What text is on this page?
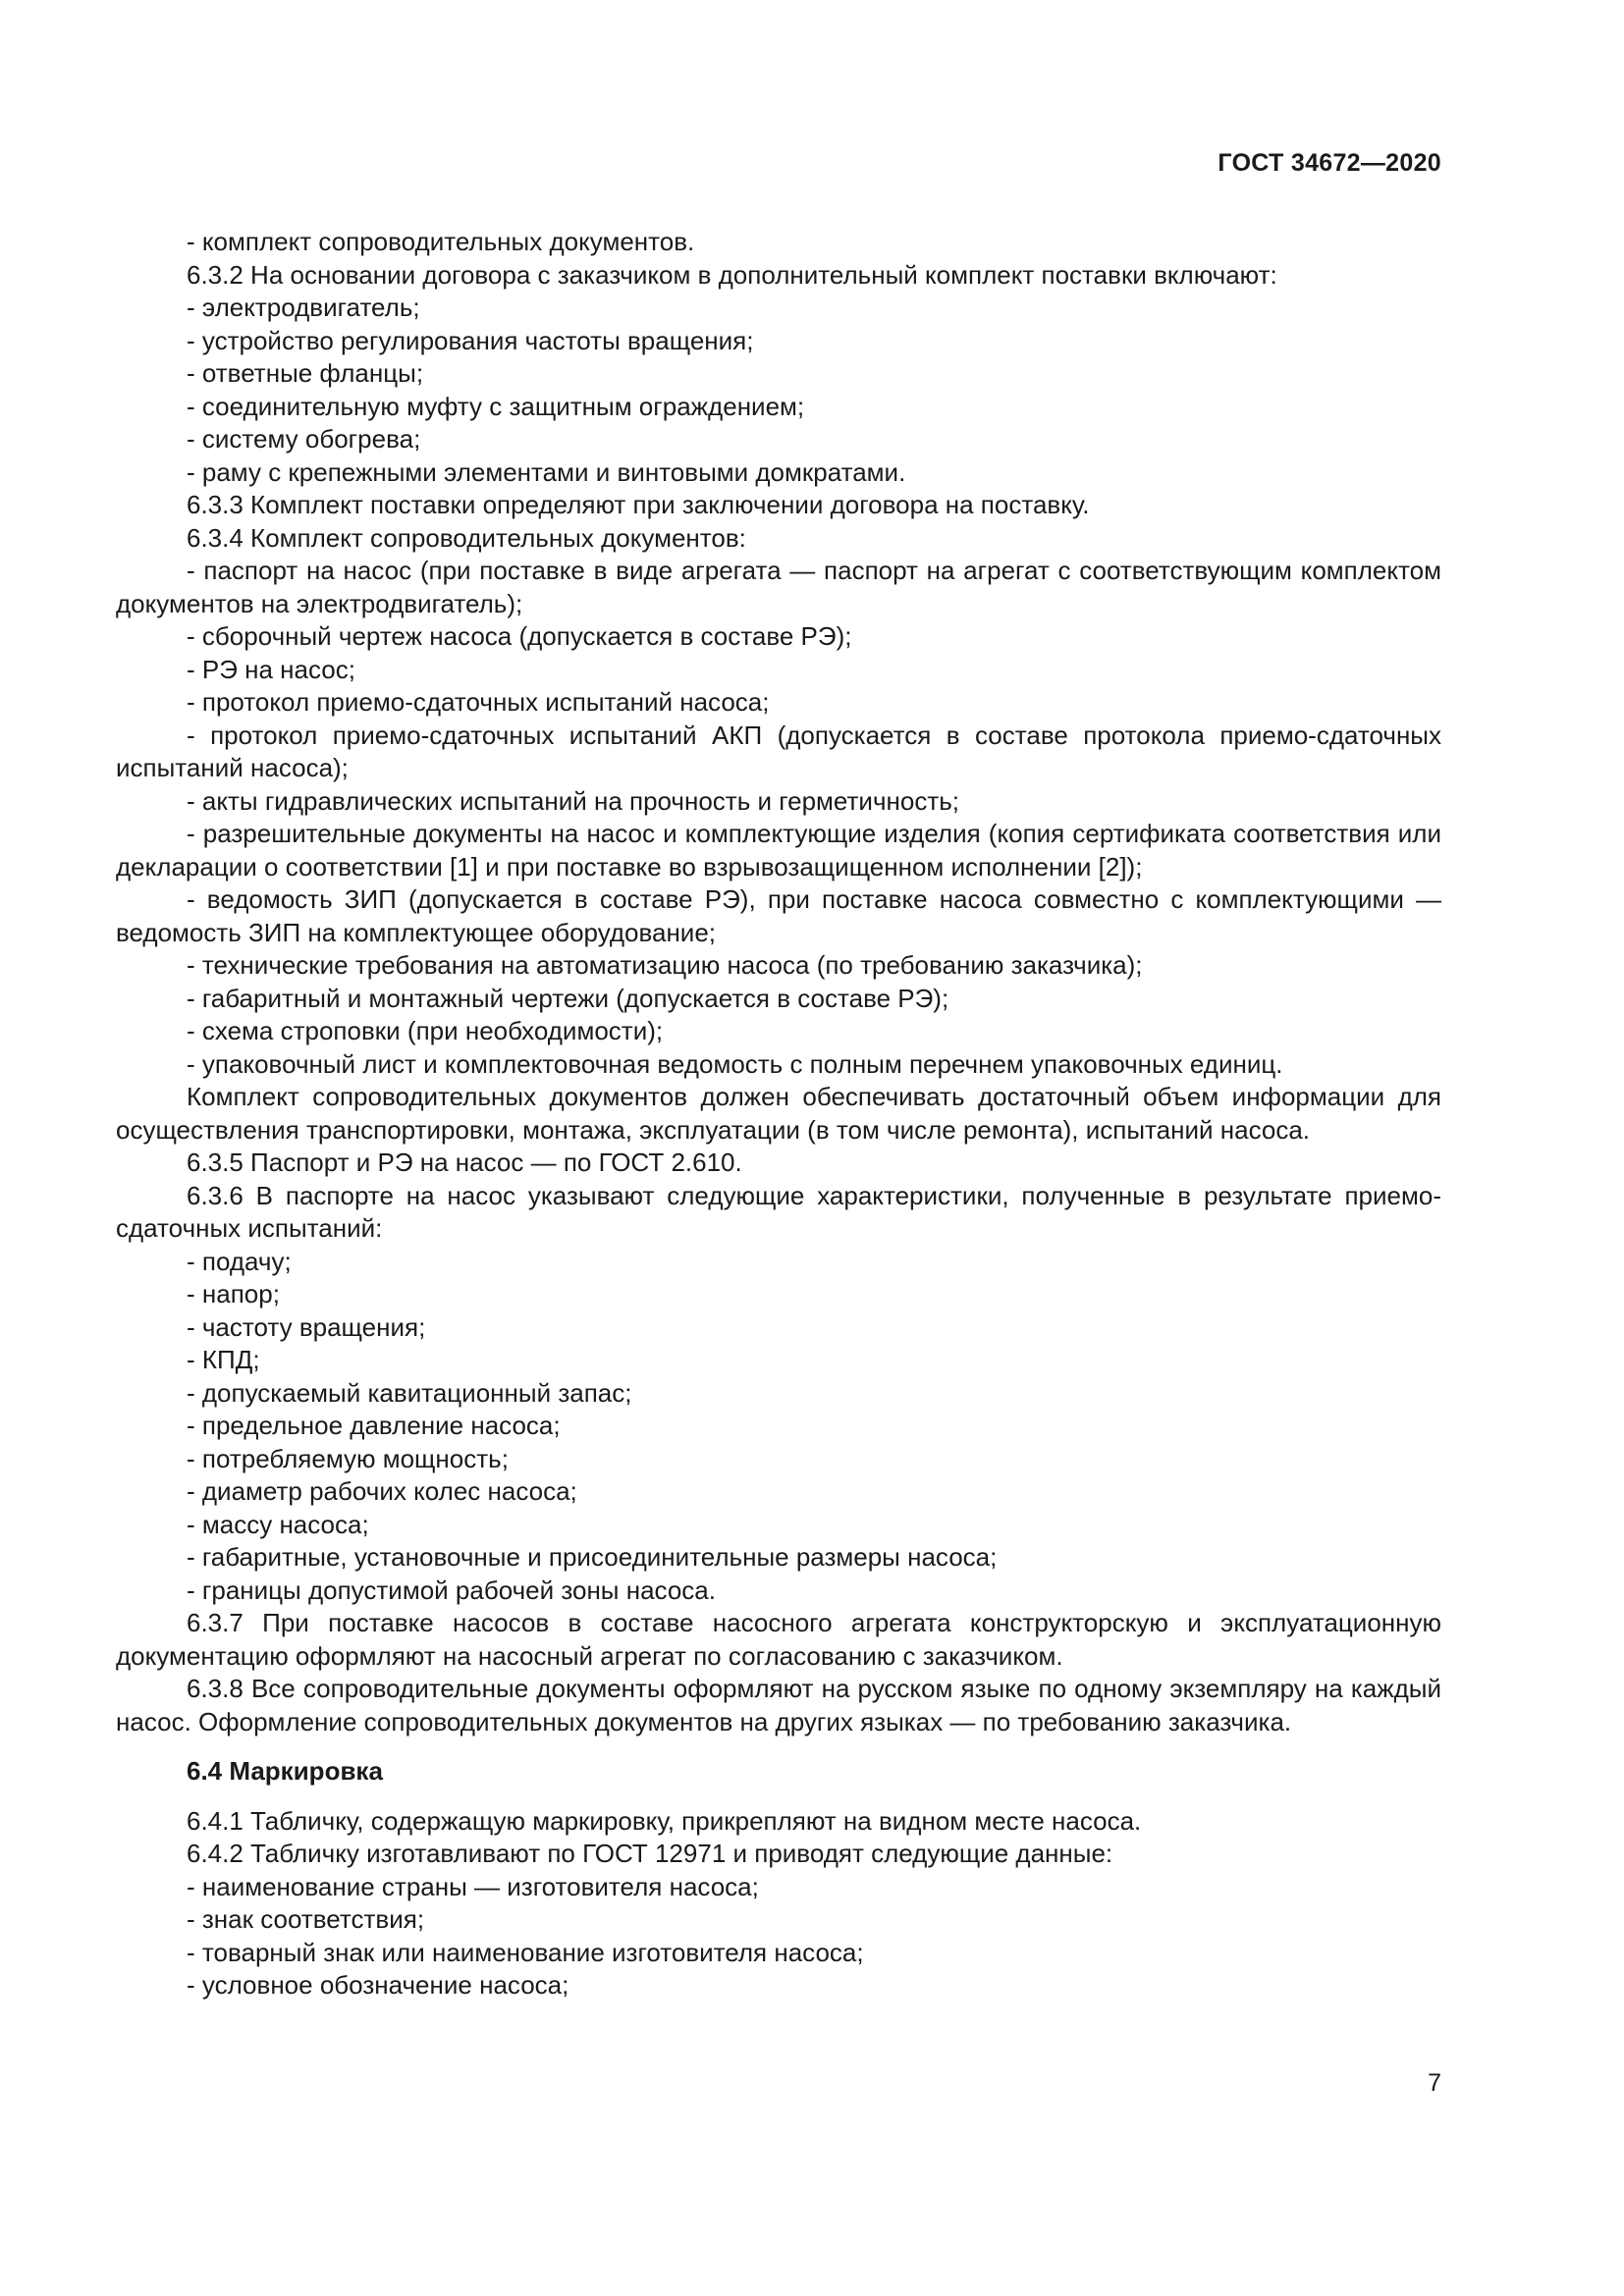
ГОСТ 34672—2020

- комплект сопроводительных документов.

6.3.2 На основании договора с заказчиком в дополнительный комплект поставки включают:

- электродвигатель;

- устройство регулирования частоты вращения;

- ответные фланцы;

- соединительную муфту с защитным ограждением;

- систему обогрева;

- раму с крепежными элементами и винтовыми домкратами.

6.3.3 Комплект поставки определяют при заключении договора на поставку.

6.3.4 Комплект сопроводительных документов:

- паспорт на насос (при поставке в виде агрегата — паспорт на агрегат с соответствующим комплектом документов на электродвигатель);

- сборочный чертеж насоса (допускается в составе РЭ);

- РЭ на насос;

- протокол приемо-сдаточных испытаний насоса;

- протокол приемо-сдаточных испытаний АКП (допускается в составе протокола приемо-сдаточных испытаний насоса);

- акты гидравлических испытаний на прочность и герметичность;

- разрешительные документы на насос и комплектующие изделия (копия сертификата соответствия или декларации о соответствии [1] и при поставке во взрывозащищенном исполнении [2]);

- ведомость ЗИП (допускается в составе РЭ), при поставке насоса совместно с комплектующими — ведомость ЗИП на комплектующее оборудование;

- технические требования на автоматизацию насоса (по требованию заказчика);

- габаритный и монтажный чертежи (допускается в составе РЭ);

- схема строповки (при необходимости);

- упаковочный лист и комплектовочная ведомость с полным перечнем упаковочных единиц.

Комплект сопроводительных документов должен обеспечивать достаточный объем информации для осуществления транспортировки, монтажа, эксплуатации (в том числе ремонта), испытаний насоса.

6.3.5 Паспорт и РЭ на насос — по ГОСТ 2.610.

6.3.6 В паспорте на насос указывают следующие характеристики, полученные в результате приемо-сдаточных испытаний:

- подачу;

- напор;

- частоту вращения;

- КПД;

- допускаемый кавитационный запас;

- предельное давление насоса;

- потребляемую мощность;

- диаметр рабочих колес насоса;

- массу насоса;

- габаритные, установочные и присоединительные размеры насоса;

- границы допустимой рабочей зоны насоса.

6.3.7 При поставке насосов в составе насосного агрегата конструкторскую и эксплуатационную документацию оформляют на насосный агрегат по согласованию с заказчиком.

6.3.8 Все сопроводительные документы оформляют на русском языке по одному экземпляру на каждый насос. Оформление сопроводительных документов на других языках — по требованию заказчика.

6.4 Маркировка

6.4.1 Табличку, содержащую маркировку, прикрепляют на видном месте насоса.

6.4.2 Табличку изготавливают по ГОСТ 12971 и приводят следующие данные:

- наименование страны — изготовителя насоса;

- знак соответствия;

- товарный знак или наименование изготовителя насоса;

- условное обозначение насоса;

7
